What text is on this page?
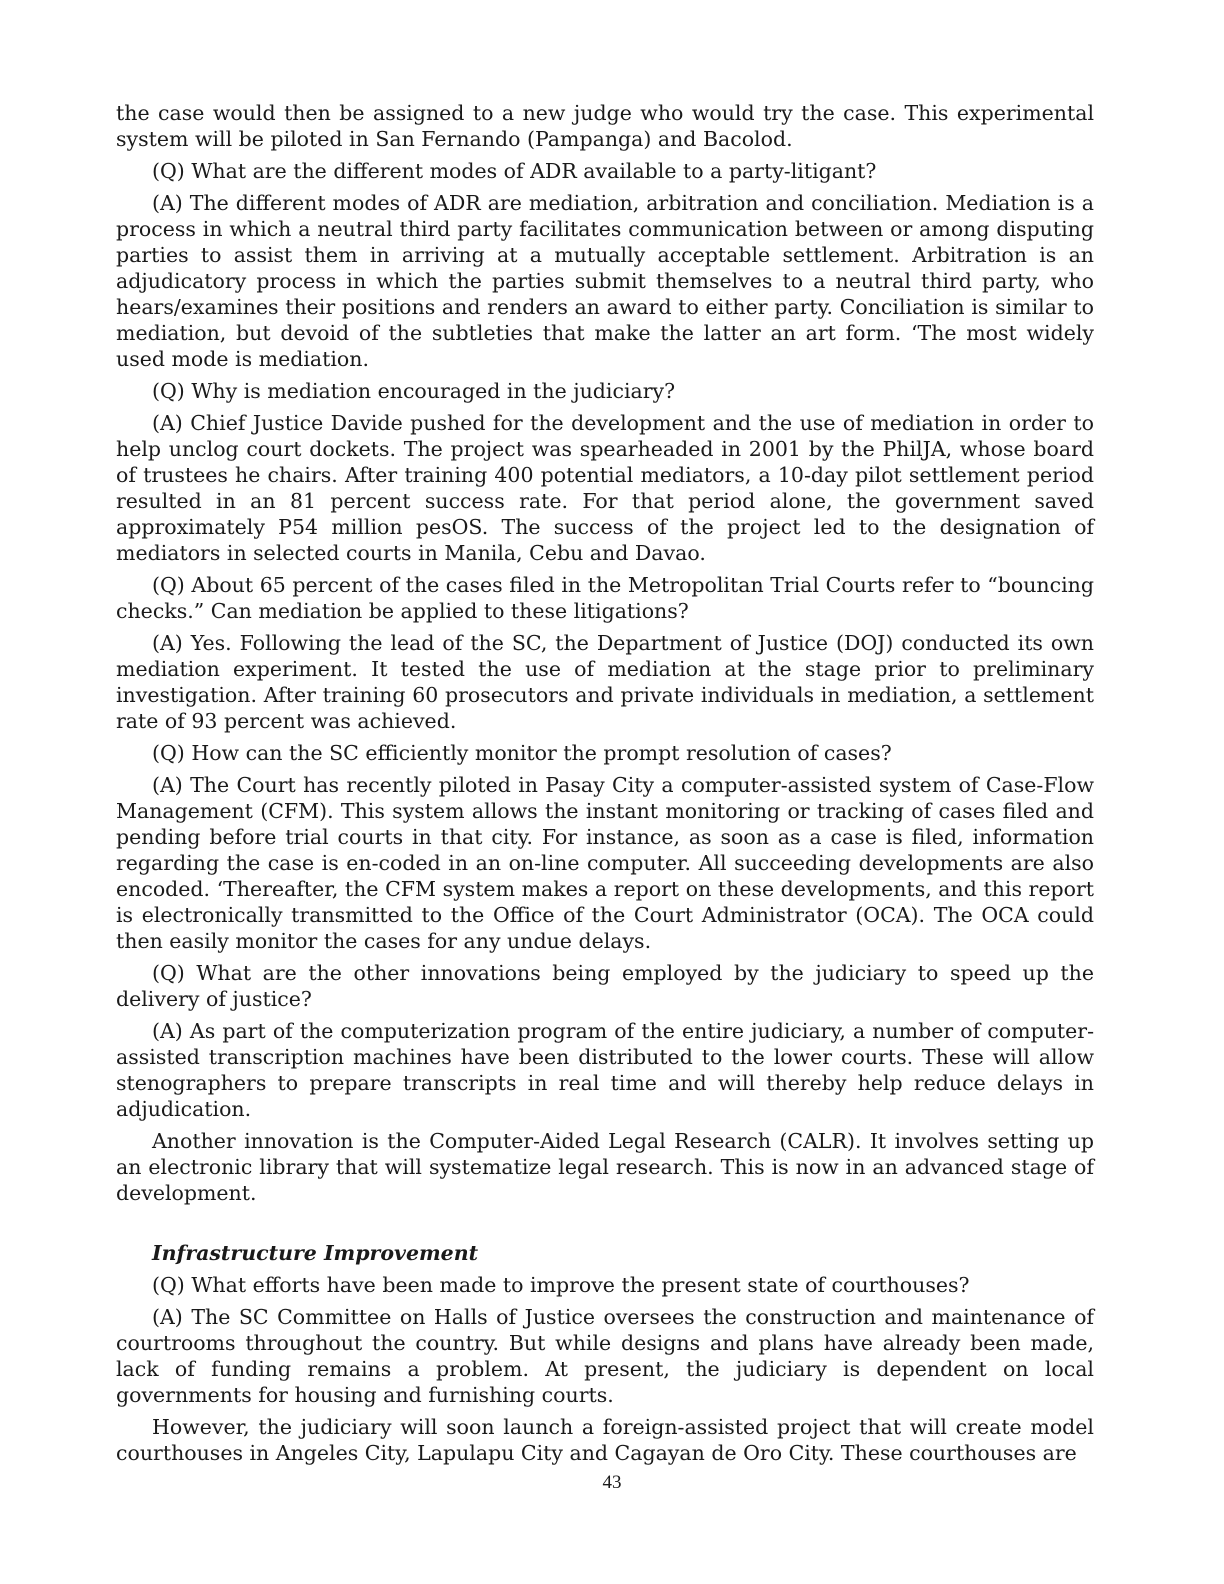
the case would then be assigned to a new judge who would try the case. This experimental system will be piloted in San Fernando (Pampanga) and Bacolod.

(Q) What are the different modes of ADR available to a party-litigant?

(A) The different modes of ADR are mediation, arbitration and conciliation. Mediation is a process in which a neutral third party facilitates communication between or among disputing parties to assist them in arriving at a mutually acceptable settlement. Arbitration is an adjudicatory process in which the parties submit themselves to a neutral third party, who hears/examines their positions and renders an award to either party. Conciliation is similar to mediation, but devoid of the subtleties that make the latter an art form. ‘The most widely used mode is mediation.

(Q) Why is mediation encouraged in the judiciary?

(A) Chief Justice Davide pushed for the development and the use of mediation in order to help unclog court dockets. The project was spearheaded in 2001 by the PhilJA, whose board of trustees he chairs. After training 400 potential mediators, a 10-day pilot settlement period resulted in an 81 percent success rate. For that period alone, the government saved approximately P54 million pesOS. The success of the project led to the designation of mediators in selected courts in Manila, Cebu and Davao.

(Q) About 65 percent of the cases filed in the Metropolitan Trial Courts refer to “bouncing checks.” Can mediation be applied to these litigations?

(A) Yes. Following the lead of the SC, the Department of Justice (DOJ) conducted its own mediation experiment. It tested the use of mediation at the stage prior to preliminary investigation. After training 60 prosecutors and private individuals in mediation, a settlement rate of 93 percent was achieved.

(Q) How can the SC efficiently monitor the prompt resolution of cases?

(A) The Court has recently piloted in Pasay City a computer-assisted system of Case-Flow Management (CFM). This system allows the instant monitoring or tracking of cases filed and pending before trial courts in that city. For instance, as soon as a case is filed, information regarding the case is en-coded in an on-line computer. All succeeding developments are also encoded. ‘Thereafter, the CFM system makes a report on these developments, and this report is electronically transmitted to the Office of the Court Administrator (OCA). The OCA could then easily monitor the cases for any undue delays.

(Q) What are the other innovations being employed by the judiciary to speed up the delivery of justice?

(A) As part of the computerization program of the entire judiciary, a number of computer-assisted transcription machines have been distributed to the lower courts. These will allow stenographers to prepare transcripts in real time and will thereby help reduce delays in adjudication.

Another innovation is the Computer-Aided Legal Research (CALR). It involves setting up an electronic library that will systematize legal research. This is now in an advanced stage of development.

Infrastructure Improvement

(Q) What efforts have been made to improve the present state of courthouses?

(A) The SC Committee on Halls of Justice oversees the construction and maintenance of courtrooms throughout the country. But while designs and plans have already been made, lack of funding remains a problem. At present, the judiciary is dependent on local governments for housing and furnishing courts.

However, the judiciary will soon launch a foreign-assisted project that will create model courthouses in Angeles City, Lapulapu City and Cagayan de Oro City. These courthouses are

43
